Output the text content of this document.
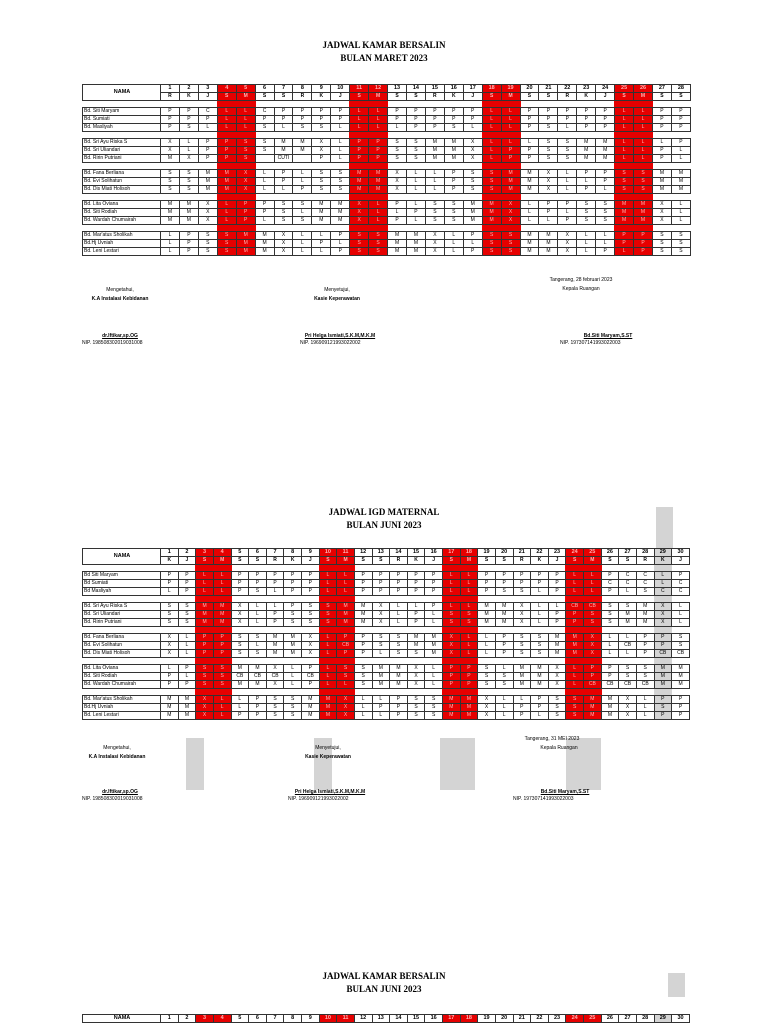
JADWAL KAMAR BERSALIN
BULAN MARET 2023
NAMA	1	2	3	4	5	6	7	8	9	10	11	12	13	14	15	16	17	18	19	20	21	22	23	24	25	26	27	28
	R	K	J	S	M	S	S	R	K	J	S	M	S	S	R	K	J	S	M	S	S	R	K	J	S	M	S	S

Bd. Siti Maryam	P	P	C	L	L	C	P	P	P	P	L	L	P	P	P	P	P	L	L	P	P	P	P	P	L	L	P	P
Bd. Sumiati	P	P	P	L	L	P	P	P	P	P	L	L	P	P	P	P	P	L	L	P	P	P	P	P	L	L	P	P
Bd. Masliyah	P	S	L	L	L	S	L	S	S	L	L	L	L	P	P	S	L	L	L	P	S	L	P	P	L	L	P	P

Bd. Sri Ayu Riska S	X	L	P	P	S	S	M	M	X	L	P	P	S	S	M	M	X	L	L	L	S	S	M	M	L	L	L	P
Bd. Sri Uliandari	X	L	P	P	S	S	M	M	X	L	P	P	S	S	M	M	X	L	P	P	S	S	M	M	L	L	P	L
Bd. Ririn Putriani	M	X	P	P	S		CUTI		P	L	P	P	S	S	M	M	X	L	P	P	S	S	M	M	L	L	P	L

Bd. Fana Berliana	S	S	M	M	X	L	P	L	S	S	M	M	X	L	L	P	S	S	M	M	X	L	P	P	S	S	M	M
Bd. Evi Solihatun	S	S	M	M	X	L	P	L	S	S	M	M	X	L	L	P	S	S	M	M	X	L	L	P	S	S	M	M
Bd. Dis Miati Holisoh	S	S	M	M	X	L	L	P	S	S	M	M	X	L	L	P	S	S	M	M	X	L	P	L	S	S	M	M

Bd. Lita Oviana	M	M	X	L	P	P	S	S	M	M	X	L	P	L	S	S	M	M	X	L	P	P	S	S	M	M	X	L
Bd. Siti Rodiah	M	M	X	L	P	P	S	L	M	M	X	L	L	P	S	S	M	M	X	L	P	L	S	S	M	M	X	L
Bd. Wardah Chumairah	M	M	X	L	P	L	S	S	M	M	X	L	P	L	S	S	M	M	X	L	L	P	S	S	M	M	X	L

Bd. Mar'atus Sholikah	L	P	S	S	M	M	X	L	L	P	S	S	M	M	X	L	P	S	S	M	M	X	L	L	P	P	S	S
Bd.Hj Uvniah	L	P	S	S	M	M	X	L	P	L	S	S	M	M	X	L	L	S	S	M	M	X	L	L	P	P	S	S
Bd. Leni Lestari	L	P	S	S	M	M	X	L	L	P	S	S	M	M	X	L	P	S	S	M	M	X	L	P	L	P	S	S
Tangerang, 28 februari 2023
Kepala Ruangan
Mengetahui,
K.A Instalasi Kebidanan
Menyetujui,
Kasie Keperawatan
dr.Iftikar,sp.OG
NIP. 198508302019031008
Pri Helga Ismiati,S.K.M,M.K.M
NIP. 196909121993022002
Bd.Siti Maryam,S.ST
NIP. 197307141993022003
JADWAL IGD MATERNAL
BULAN JUNI 2023
NAMA	1	2	3	4	5	6	7	8	9	10	11	12	13	14	15	16	17	18	19	20	21	22	23	24	25	26	27	28	29	30
	K	J	S	M	S	S	R	K	J	S	M	S	S	R	K	J	S	M	S	S	R	K	J	S	M	S	S	R	K	J

Bd Siti Maryam	P	P	L	L	P	P	P	P	P	L	L	P	P	P	P	P	L	L	P	P	P	P	P	L	L	P	C	C	L	P
Bd Sumiati	P	P	L	L	P	P	P	P	P	L	L	P	P	P	P	P	L	L	P	P	P	P	P	L	L	C	C	C	L	C
Bd Masliyah	L	P	L	L	P	S	L	P	P	L	L	P	P	P	P	P	L	L	P	S	S	L	P	L	L	P	L	S	C	C

Bd. Sri Ayu Riska S	S	S	M	M	X	L	L	P	S	S	M	M	X	L	L	P	L	L	M	M	X	L	L	CB	CB	S	S	M	X	L
Bd. Sri Uliandari	S	S	M	M	X	L	P	S	S	S	M	M	X	L	P	L	S	S	M	M	X	L	P	P	S	S	M	M	X	L
Bd. Ririn Putriani	S	S	M	M	X	L	P	S	S	S	M	M	X	L	P	L	S	S	M	M	X	L	P	P	S	S	M	M	X	L

Bd. Fana Berliana	X	L	P	P	S	S	M	M	X	L	P	P	S	S	M	M	X	L	L	P	S	S	M	M	X	L	L	P	P	S
Bd. Evi Solihatun	X	L	P	P	S	L	M	M	X	L	CB	P	S	S	M	M	X	L	L	P	S	S	M	M	X	L	CB	P	P	S
Bd. Dis Miati Holisoh	X	L	P	P	S	S	M	M	X	L	P	P	L	S	S	M	X	L	L	P	S	S	M	M	X	L	L	P	CB	CB

Bd. Lita Oviana	L	P	S	S	M	M	X	L	P	L	S	S	M	M	X	L	P	P	S	L	M	M	X	L	P	P	S	S	M	M
Bd. Siti Rodiah	P	L	S	S	CB	CB	CB	L	CB	L	S	S	M	M	X	L	P	P	S	S	M	M	X	L	P	P	S	S	M	M
Bd. Wardah Chumairah	P	P	S	S	M	M	X	L	P	L	L	S	M	M	X	L	P	P	S	S	M	M	X	L	CB	CB	CB	CB	M	M

Bd. Mar'atus Sholikah	M	M	X	L	L	P	S	S	M	M	X	L	L	P	S	S	M	M	X	L	L	P	S	S	M	M	X	L	P	P
Bd.Hj Uvniah	M	M	X	L	L	P	S	S	M	M	X	L	P	P	S	S	M	M	X	L	P	P	S	S	M	M	X	L	S	P
Bd. Leni Lestari	M	M	X	L	P	P	S	S	M	M	X	L	L	P	S	S	M	M	X	L	P	L	S	S	M	M	X	L	P	P
Tangerang, 31 MEI 2023
Kepala Ruangan
Mengetahui,
K.A Instalasi Kebidanan
Menyetujui,
Kasie Keperawatan
dr.Iftikar,sp.OG
NIP. 198508302019031008
Pri Helga Ismiati,S.K.M,M.K.M
NIP. 196909121993022002
Bd.Siti Maryam,S.ST
NIP. 197307141993022003
JADWAL KAMAR BERSALIN
BULAN JUNI 2023
NAMA	1	2	3	4	5	6	7	8	9	10	11	12	13	14	15	16	17	18	19	20	21	22	23	24	25	26	27	28	29	30
